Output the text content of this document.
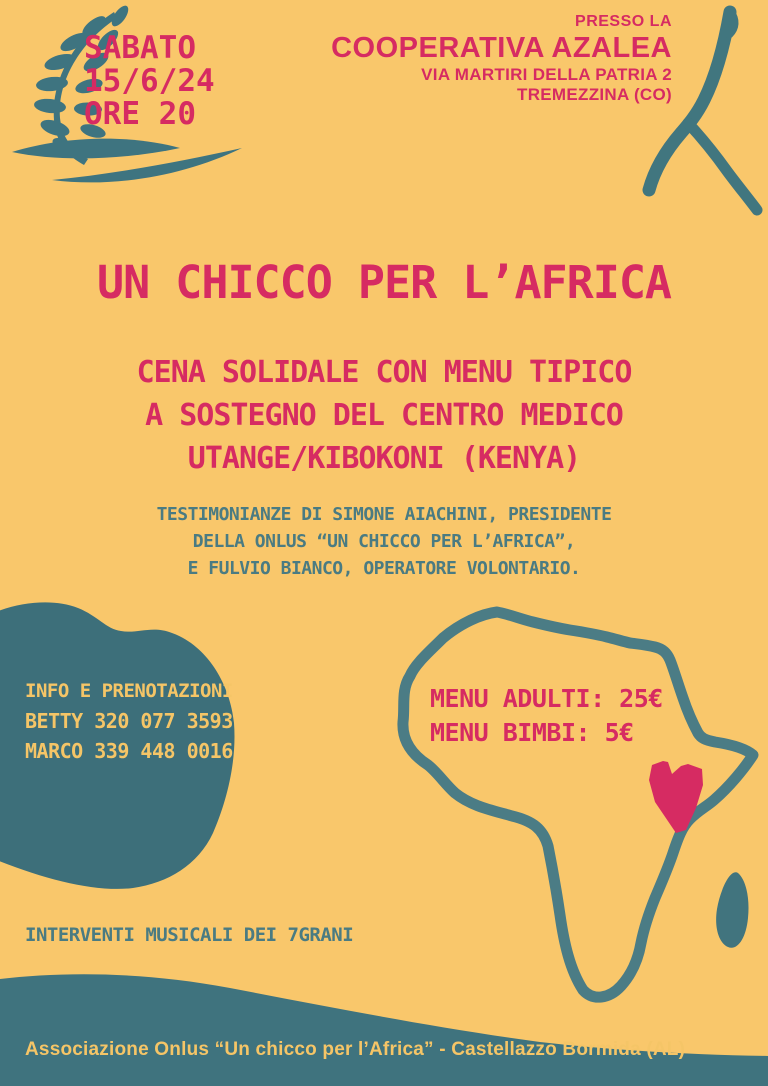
SABATO
15/6/24
ORE 20
PRESSO LA
COOPERATIVA AZALEA
VIA MARTIRI DELLA PATRIA 2
TREMEZZINA (CO)
UN CHICCO PER L’AFRICA
CENA SOLIDALE CON MENU TIPICO
A SOSTEGNO DEL CENTRO MEDICO
UTANGE/KIBOKONI (KENYA)
TESTIMONIANZE DI SIMONE AIACHINI, PRESIDENTE
DELLA ONLUS “UN CHICCO PER L’AFRICA”,
E FULVIO BIANCO, OPERATORE VOLONTARIO.
INFO E PRENOTAZIONI
BETTY 320 077 3593
MARCO 339 448 0016
MENU ADULTI: 25€
MENU BIMBI: 5€
INTERVENTI MUSICALI DEI 7GRANI
Associazione Onlus “Un chicco per l’Africa” - Castellazzo Bormida (AL)
